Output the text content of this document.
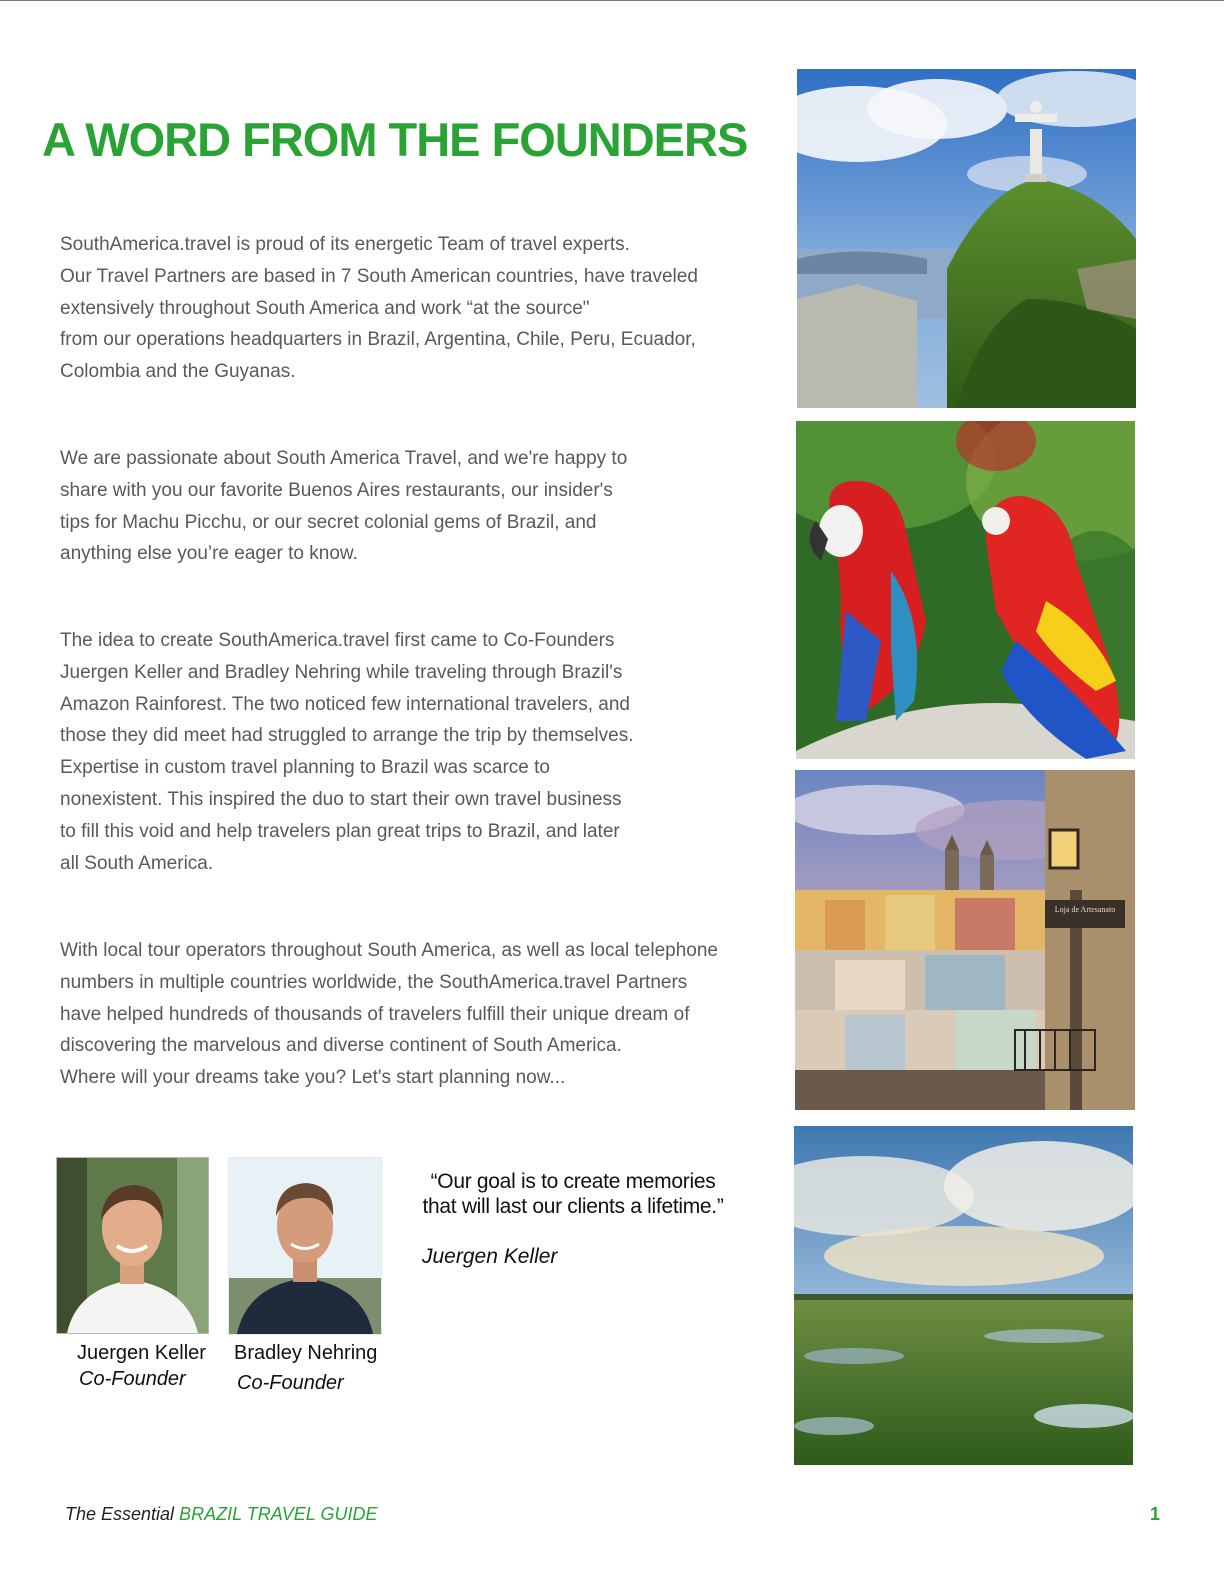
A WORD FROM THE FOUNDERS
SouthAmerica.travel is proud of its energetic Team of travel experts.
Our Travel Partners are based in 7 South American countries, have traveled
extensively throughout South America and work “at the source"
from our operations headquarters in Brazil, Argentina, Chile, Peru, Ecuador,
Colombia and the Guyanas.
We are passionate about South America Travel, and we're happy to
share with you our favorite Buenos Aires restaurants, our insider's
tips for Machu Picchu, or our secret colonial gems of Brazil, and
anything else you’re eager to know.
The idea to create SouthAmerica.travel first came to Co-Founders
Juergen Keller and Bradley Nehring while traveling through Brazil's
Amazon Rainforest. The two noticed few international travelers, and
those they did meet had struggled to arrange the trip by themselves.
Expertise in custom travel planning to Brazil was scarce to
nonexistent. This inspired the duo to start their own travel business
to fill this void and help travelers plan great trips to Brazil, and later
all South America.
With local tour operators throughout South America, as well as local telephone
numbers in multiple countries worldwide, the SouthAmerica.travel Partners
have helped hundreds of thousands of travelers fulfill their unique dream of
discovering the marvelous and diverse continent of South America.
Where will your dreams take you? Let's start planning now...
Loja de Artesanato
Juergen Keller
Co-Founder
Bradley Nehring
Co-Founder
“Our goal is to create memories
that will last our clients a lifetime.”
Juergen Keller
The Essential BRAZIL TRAVEL GUIDE	1
